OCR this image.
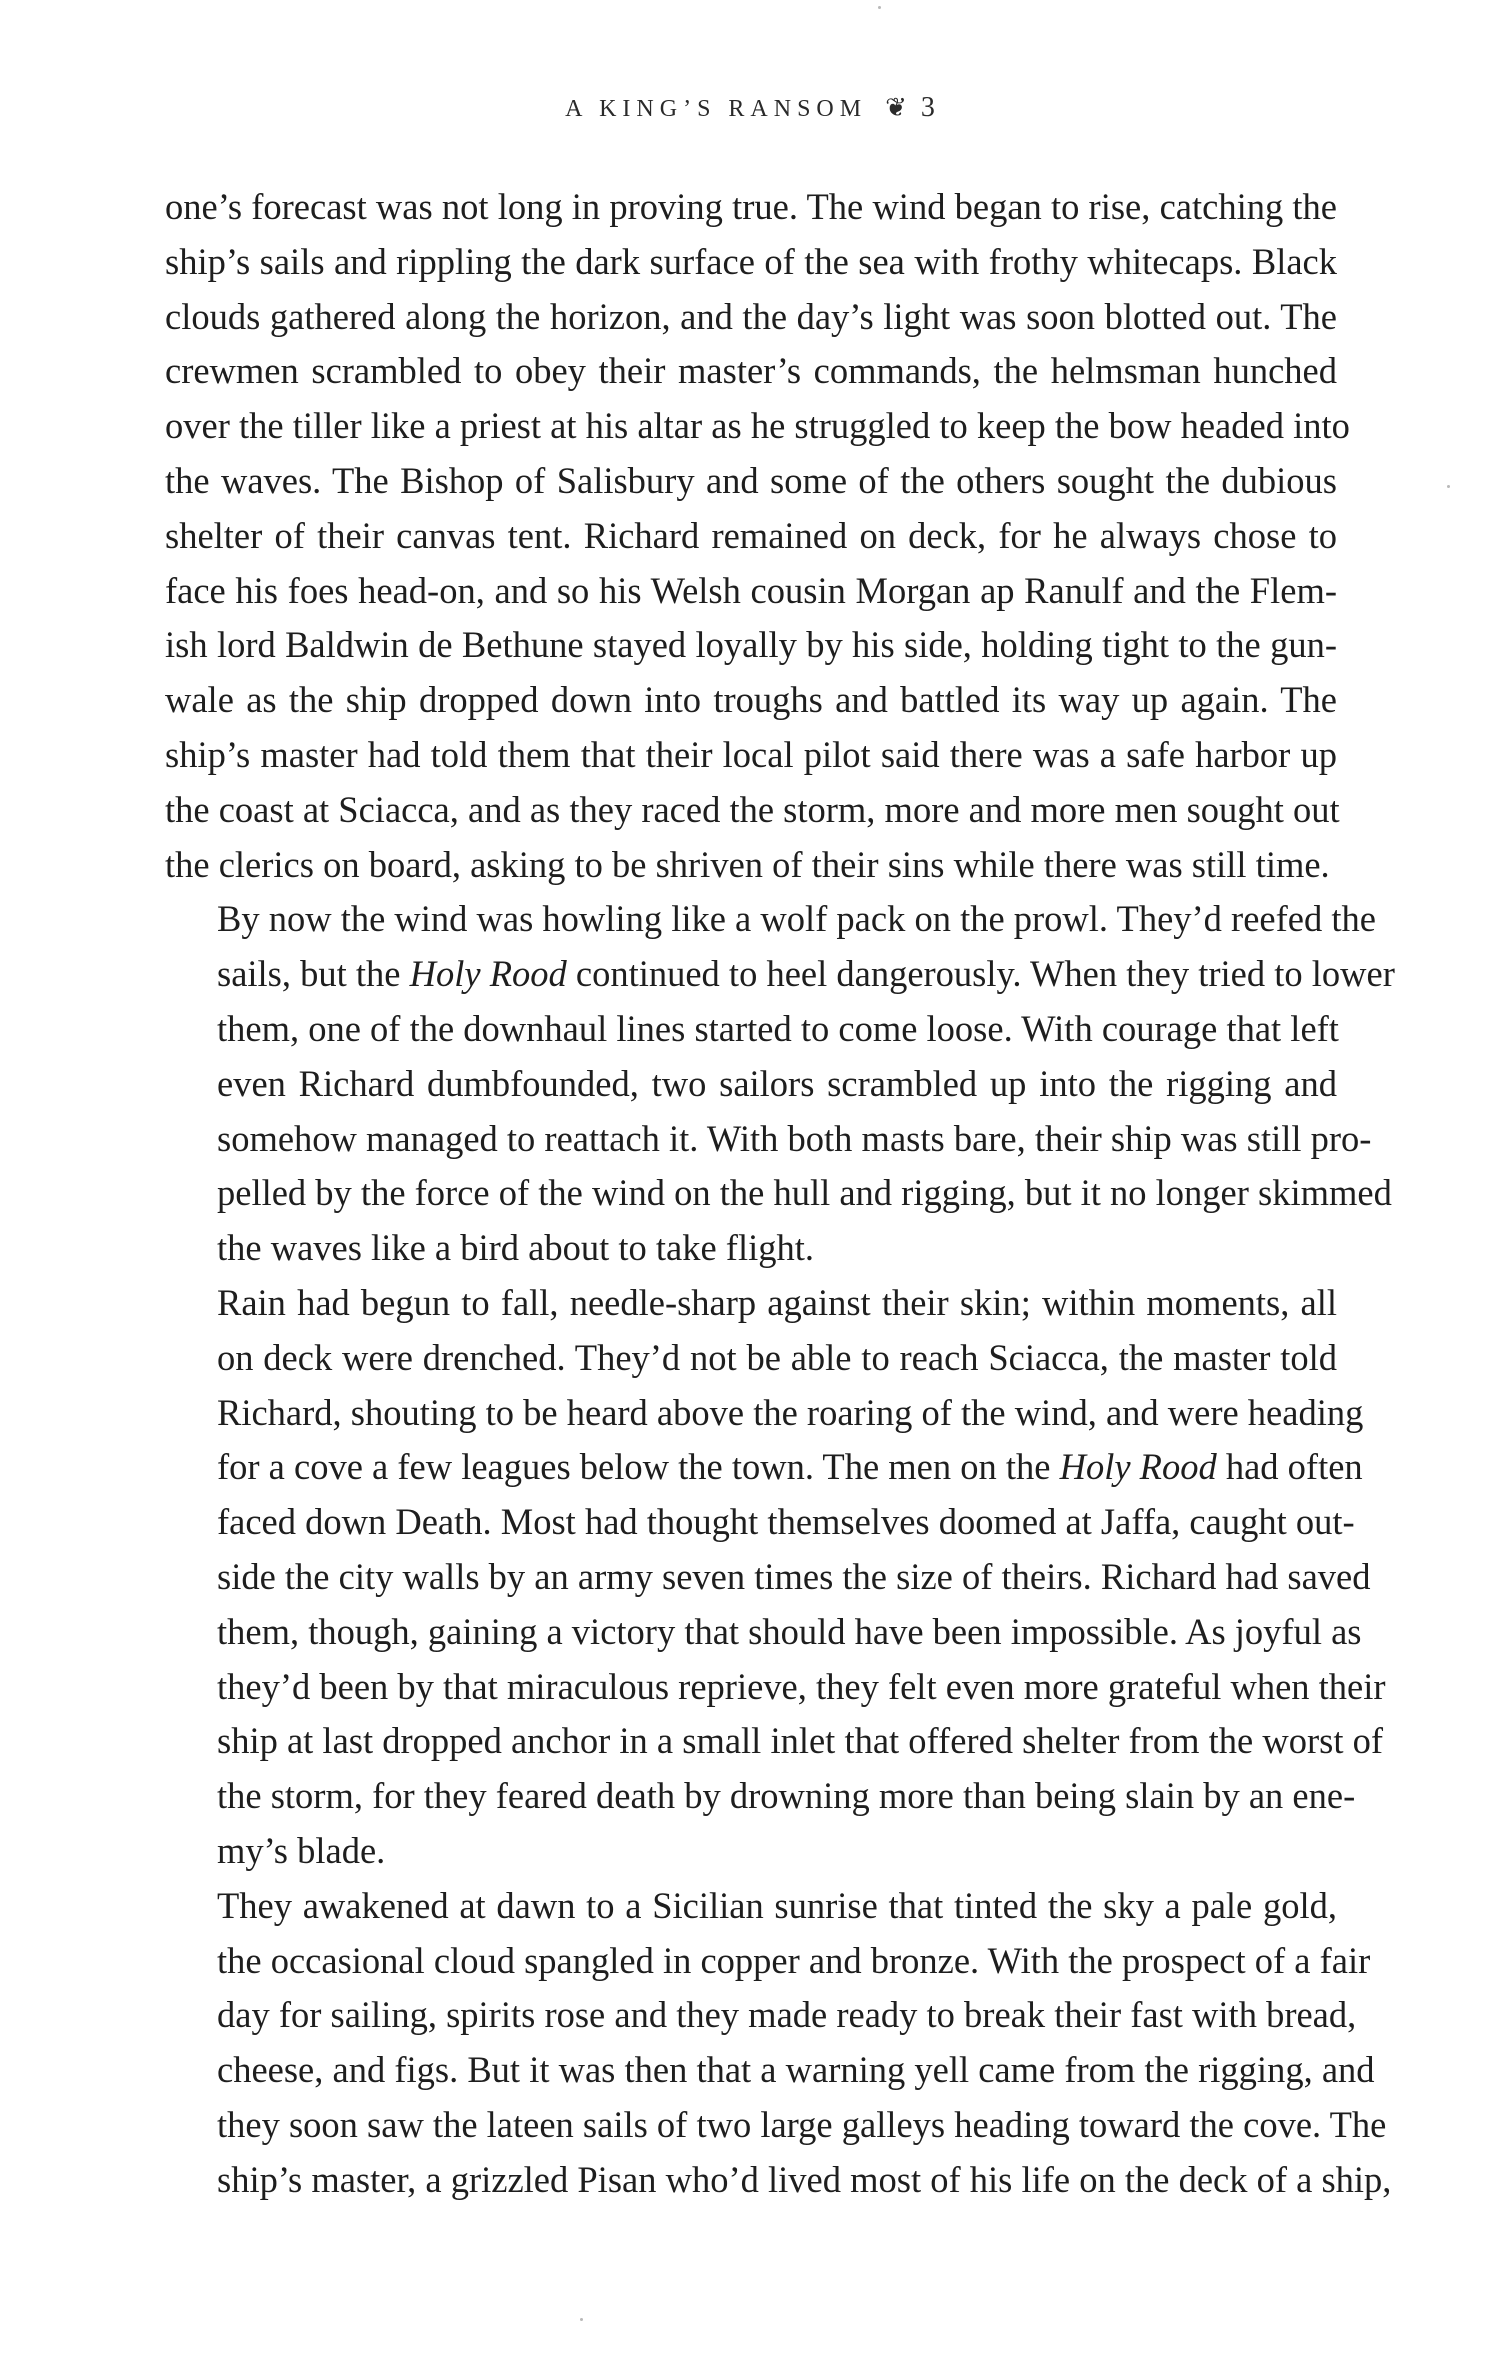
A KING’S RANSOM ❦ 3

one’s forecast was not long in proving true. The wind began to rise, catching the
ship’s sails and rippling the dark surface of the sea with frothy whitecaps. Black
clouds gathered along the horizon, and the day’s light was soon blotted out. The
crewmen scrambled to obey their master’s commands, the helmsman hunched
over the tiller like a priest at his altar as he struggled to keep the bow headed into
the waves. The Bishop of Salisbury and some of the others sought the dubious
shelter of their canvas tent. Richard remained on deck, for he always chose to
face his foes head-on, and so his Welsh cousin Morgan ap Ranulf and the Flem-
ish lord Baldwin de Bethune stayed loyally by his side, holding tight to the gun-
wale as the ship dropped down into troughs and battled its way up again. The
ship’s master had told them that their local pilot said there was a safe harbor up
the coast at Sciacca, and as they raced the storm, more and more men sought out
the clerics on board, asking to be shriven of their sins while there was still time.

By now the wind was howling like a wolf pack on the prowl. They’d reefed the
sails, but the Holy Rood continued to heel dangerously. When they tried to lower
them, one of the downhaul lines started to come loose. With courage that left
even Richard dumbfounded, two sailors scrambled up into the rigging and
somehow managed to reattach it. With both masts bare, their ship was still pro-
pelled by the force of the wind on the hull and rigging, but it no longer skimmed
the waves like a bird about to take flight.

Rain had begun to fall, needle-sharp against their skin; within moments, all
on deck were drenched. They’d not be able to reach Sciacca, the master told
Richard, shouting to be heard above the roaring of the wind, and were heading
for a cove a few leagues below the town. The men on the Holy Rood had often
faced down Death. Most had thought themselves doomed at Jaffa, caught out-
side the city walls by an army seven times the size of theirs. Richard had saved
them, though, gaining a victory that should have been impossible. As joyful as
they’d been by that miraculous reprieve, they felt even more grateful when their
ship at last dropped anchor in a small inlet that offered shelter from the worst of
the storm, for they feared death by drowning more than being slain by an ene-
my’s blade.

They awakened at dawn to a Sicilian sunrise that tinted the sky a pale gold,
the occasional cloud spangled in copper and bronze. With the prospect of a fair
day for sailing, spirits rose and they made ready to break their fast with bread,
cheese, and figs. But it was then that a warning yell came from the rigging, and
they soon saw the lateen sails of two large galleys heading toward the cove. The
ship’s master, a grizzled Pisan who’d lived most of his life on the deck of a ship,
